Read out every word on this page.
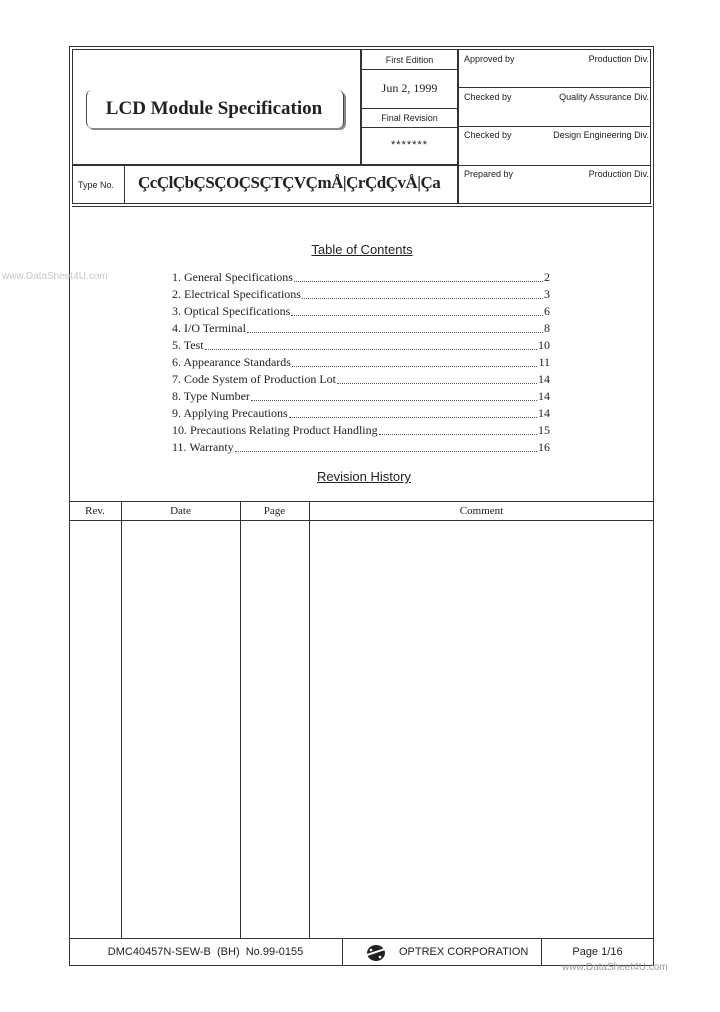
LCD Module Specification
First Edition
Jun 2, 1999
Final Revision
*******
Approved by	Production Div.
Checked by	Quality Assurance Div.
Checked by	Design Engineering Div.
Prepared by	Production Div.
Type No. ÇcÇlÇbÇSÇOÇSÇTÇVÇmÅ|ÇrÇdÇvÅ|Ça
www.DataSheet4U.com
Table of Contents
1. General Specifications	2
2. Electrical Specifications	3
3. Optical Specifications	6
4. I/O Terminal	8
5. Test	10
6. Appearance Standards	11
7. Code System of Production Lot	14
8. Type Number	14
9. Applying Precautions	14
10. Precautions Relating Product Handling	15
11. Warranty	16
Revision History
Rev.	Date	Page	Comment
DMC40457N-SEW-B  (BH)  No.99-0155	OPTREX CORPORATION	Page 1/16
www.DataSheet4U.com
